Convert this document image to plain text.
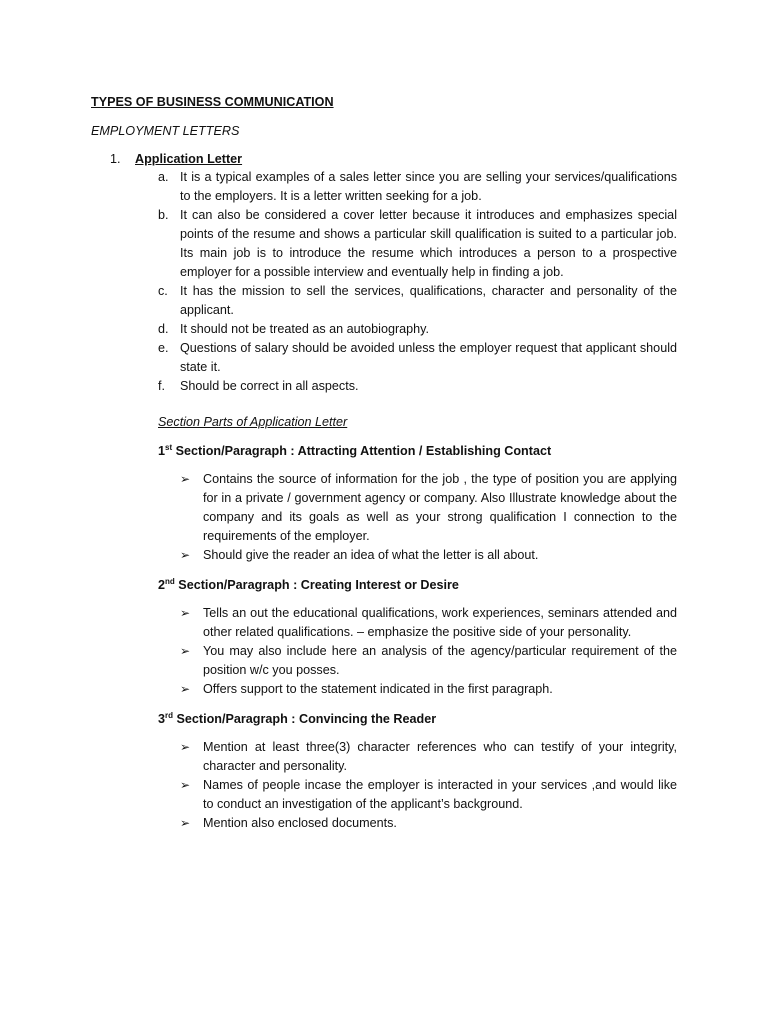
TYPES OF BUSINESS COMMUNICATION
EMPLOYMENT LETTERS
1. Application Letter
a. It is a typical examples of a sales letter since you are selling your services/qualifications to the employers. It is a letter written seeking for a job.
b. It can also be considered a cover letter because it introduces and emphasizes special points of the resume and shows a particular skill qualification is suited to a particular job. Its main job is to introduce the resume which introduces a person to a prospective employer for a possible interview and eventually help in finding a job.
c. It has the mission to sell the services, qualifications, character and personality of the applicant.
d. It should not be treated as an autobiography.
e. Questions of salary should be avoided unless the employer request that applicant should state it.
f. Should be correct in all aspects.
Section Parts of Application Letter
1st Section/Paragraph : Attracting Attention / Establishing Contact
➢ Contains the source of information for the job , the type of position you are applying for in a private / government agency or company. Also Illustrate knowledge about the company and its goals as well as your strong qualification I connection to the requirements of the employer.
➢ Should give the reader an idea of what the letter is all about.
2nd Section/Paragraph : Creating Interest or Desire
➢ Tells an out the educational qualifications, work experiences, seminars attended and other related qualifications. – emphasize the positive side of your personality.
➢ You may also include here an analysis of the agency/particular requirement of the position w/c you posses.
➢ Offers support to the statement indicated in the first paragraph.
3rd Section/Paragraph : Convincing the Reader
➢ Mention at least three(3) character references who can testify of your integrity, character and personality.
➢ Names of people incase the employer is interacted in your services ,and would like to conduct an investigation of the applicant’s background.
➢ Mention also enclosed documents.
